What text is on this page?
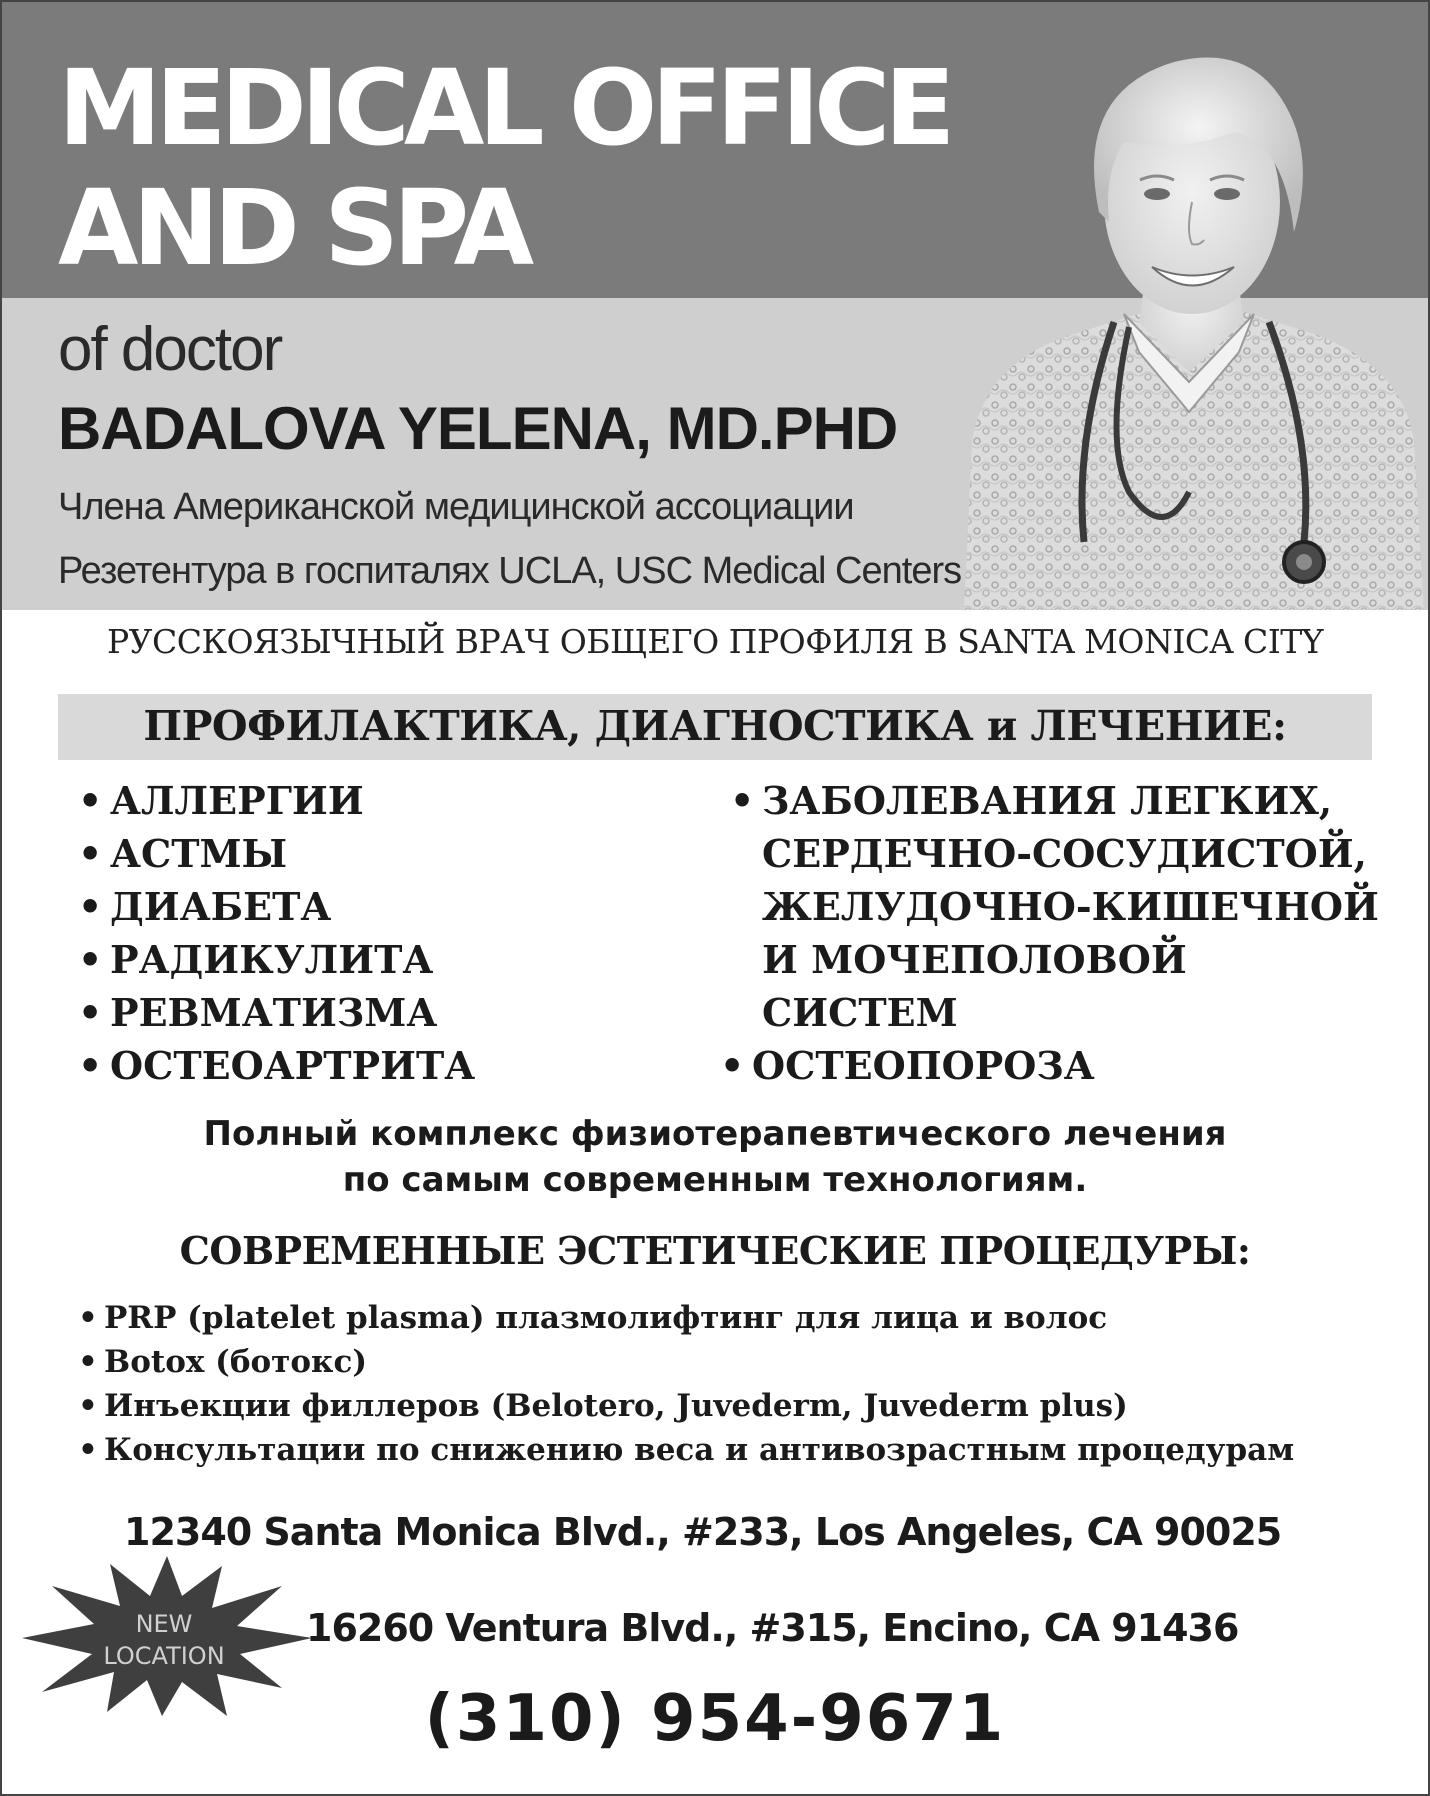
MEDICAL OFFICE
AND SPA
of doctor
BADALOVA YELENA, MD.PHD
Члена Американской медицинской ассоциации
Резетентура в госпиталях UCLA, USC Medical Centers
РУССКОЯЗЫЧНЫЙ ВРАЧ ОБЩЕГО ПРОФИЛЯ В SANTA MONICA CITY
ПРОФИЛАКТИКА, ДИАГНОСТИКА и ЛЕЧЕНИЕ:
• АЛЛЕРГИИ
• АСТМЫ
• ДИАБЕТА
• РАДИКУЛИТА
• РЕВМАТИЗМА
• ОСТЕОАРТРИТА
• ЗАБОЛЕВАНИЯ ЛЕГКИХ,
СЕРДЕЧНО-СОСУДИСТОЙ,
ЖЕЛУДОЧНО-КИШЕЧНОЙ
И МОЧЕПОЛОВОЙ
СИСТЕМ
• ОСТЕОПОРОЗА
Полный комплекс физиотерапевтического лечения
по самым современным технологиям.
СОВРЕМЕННЫЕ ЭСТЕТИЧЕСКИЕ ПРОЦЕДУРЫ:
• PRP (platelet plasma) плазмолифтинг для лица и волос
• Botox (ботокс)
• Инъекции филлеров (Belotero, Juvederm, Juvederm plus)
• Консультации по снижению веса и антивозрастным процедурам
12340 Santa Monica Blvd., #233, Los Angeles, CA 90025
NEW
LOCATION
16260 Ventura Blvd., #315, Encino, CA 91436
(310) 954-9671
